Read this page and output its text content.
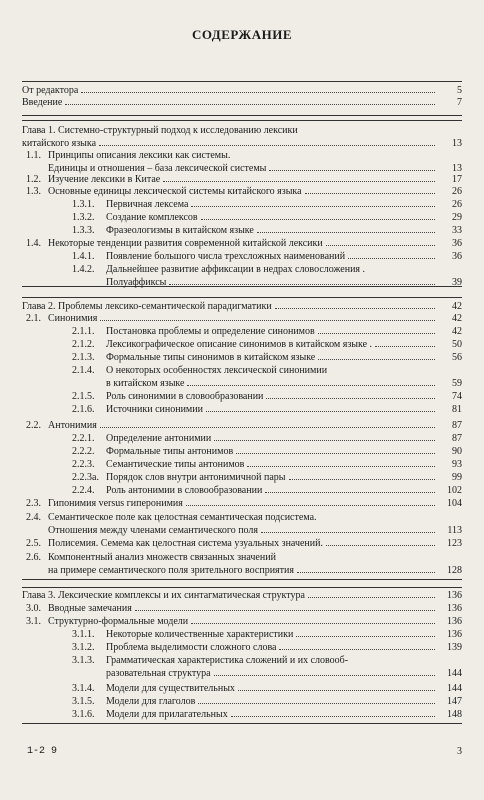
СОДЕРЖАНИЕ
От редактора	5
Введение	7
Глава 1. Системно-структурный подход к исследованию лексики
китайского языка	13
1.1. Принципы описания лексики как системы.
Единицы и отношения – база лексической системы	13
1.2. Изучение лексики в Китае	17
1.3. Основные единицы лексической системы китайского языка	26
1.3.1. Первичная лексема	26
1.3.2. Создание комплексов	29
1.3.3. Фразеологизмы в китайском языке	33
1.4. Некоторые тенденции развития современной китайской лексики	36
1.4.1. Появление большого числа трехсложных наименований	36
1.4.2. Дальнейшее развитие аффиксации в недрах словосложения .
Полуаффиксы	39
Глава 2. Проблемы лексико-семантической парадигматики	42
2.1. Синонимия	42
2.1.1. Постановка проблемы и определение синонимов	42
2.1.2. Лексикографическое описание синонимов в китайском языке .	50
2.1.3. Формальные типы синонимов в китайском языке	56
2.1.4. О некоторых особенностях лексической синонимии
в китайском языке	59
2.1.5. Роль синонимии в словообразовании	74
2.1.6. Источники синонимии	81
2.2. Антонимия	87
2.2.1. Определение антонимии	87
2.2.2. Формальные типы антонимов	90
2.2.3. Семантические типы антонимов	93
2.2.3а. Порядок слов внутри антонимичной пары	99
2.2.4. Роль антонимии в словообразовании	102
2.3. Гипонимия versus гиперонимия	104
2.4. Семантическое поле как целостная семантическая подсистема.
Отношения между членами семантического поля	113
2.5. Полисемия. Семема как целостная система узуальных значений.	123
2.6. Компонентный анализ множеств связанных значений
на примере семантического поля зрительного восприятия	128
Глава 3. Лексические комплексы и их синтагматическая структура	136
3.0. Вводные замечания	136
3.1. Структурно-формальные модели	136
3.1.1. Некоторые количественные характеристики	136
3.1.2. Проблема выделимости сложного слова	139
3.1.3. Грамматическая характеристика сложений и их словооб-
разовательная структура	144
3.1.4. Модели для существительных	144
3.1.5. Модели для глаголов	147
3.1.6. Модели для прилагательных	148
1-2 9	3
